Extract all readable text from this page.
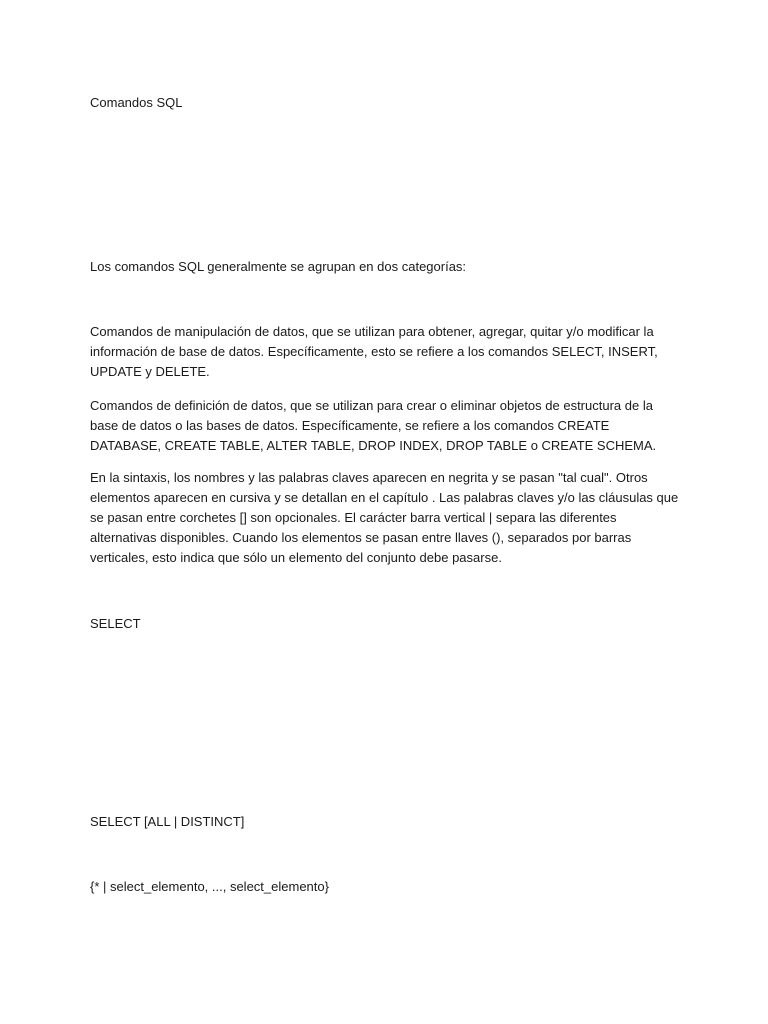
Comandos SQL

Los comandos SQL generalmente se agrupan en dos categorías:

Comandos de manipulación de datos, que se utilizan para obtener, agregar, quitar y/o modificar la información de base de datos. Específicamente, esto se refiere a los comandos SELECT, INSERT, UPDATE y DELETE.

Comandos de definición de datos, que se utilizan para crear o eliminar objetos de estructura de la base de datos o las bases de datos. Específicamente, se refiere a los comandos CREATE DATABASE, CREATE TABLE, ALTER TABLE, DROP INDEX, DROP TABLE o CREATE SCHEMA.

En la sintaxis, los nombres y las palabras claves aparecen en negrita y se pasan "tal cual". Otros elementos aparecen en cursiva y se detallan en el capítulo . Las palabras claves y/o las cláusulas que se pasan entre corchetes [] son opcionales. El carácter barra vertical | separa las diferentes alternativas disponibles. Cuando los elementos se pasan entre llaves (), separados por barras verticales, esto indica que sólo un elemento del conjunto debe pasarse.

SELECT

SELECT [ALL | DISTINCT]

{* | select_elemento, ..., select_elemento}
